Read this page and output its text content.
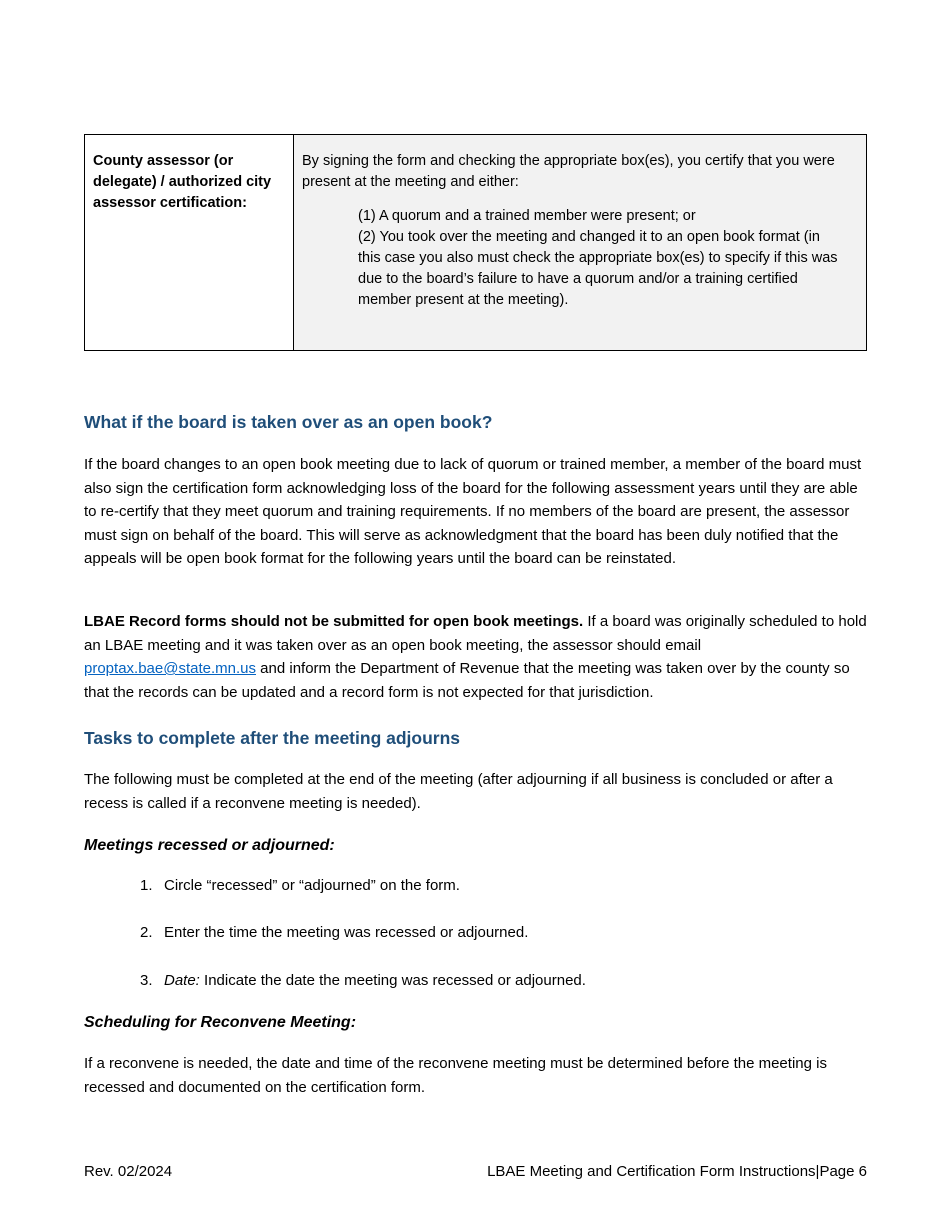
County assessor (or delegate) / authorized city assessor certification:

By signing the form and checking the appropriate box(es), you certify that you were present at the meeting and either:

(1) A quorum and a trained member were present; or
(2) You took over the meeting and changed it to an open book format (in this case you also must check the appropriate box(es) to specify if this was due to the board’s failure to have a quorum and/or a training certified member present at the meeting).
What if the board is taken over as an open book?

If the board changes to an open book meeting due to lack of quorum or trained member, a member of the board must also sign the certification form acknowledging loss of the board for the following assessment years until they are able to re-certify that they meet quorum and training requirements. If no members of the board are present, the assessor must sign on behalf of the board. This will serve as acknowledgment that the board has been duly notified that the appeals will be open book format for the following years until the board can be reinstated.

LBAE Record forms should not be submitted for open book meetings. If a board was originally scheduled to hold an LBAE meeting and it was taken over as an open book meeting, the assessor should email proptax.bae@state.mn.us and inform the Department of Revenue that the meeting was taken over by the county so that the records can be updated and a record form is not expected for that jurisdiction.

Tasks to complete after the meeting adjourns

The following must be completed at the end of the meeting (after adjourning if all business is concluded or after a recess is called if a reconvene meeting is needed).

Meetings recessed or adjourned:
1. Circle “recessed” or “adjourned” on the form.
2. Enter the time the meeting was recessed or adjourned.
3. Date: Indicate the date the meeting was recessed or adjourned.
Scheduling for Reconvene Meeting:

If a reconvene is needed, the date and time of the reconvene meeting must be determined before the meeting is recessed and documented on the certification form.

Rev. 02/2024	LBAE Meeting and Certification Form Instructions|Page 6
